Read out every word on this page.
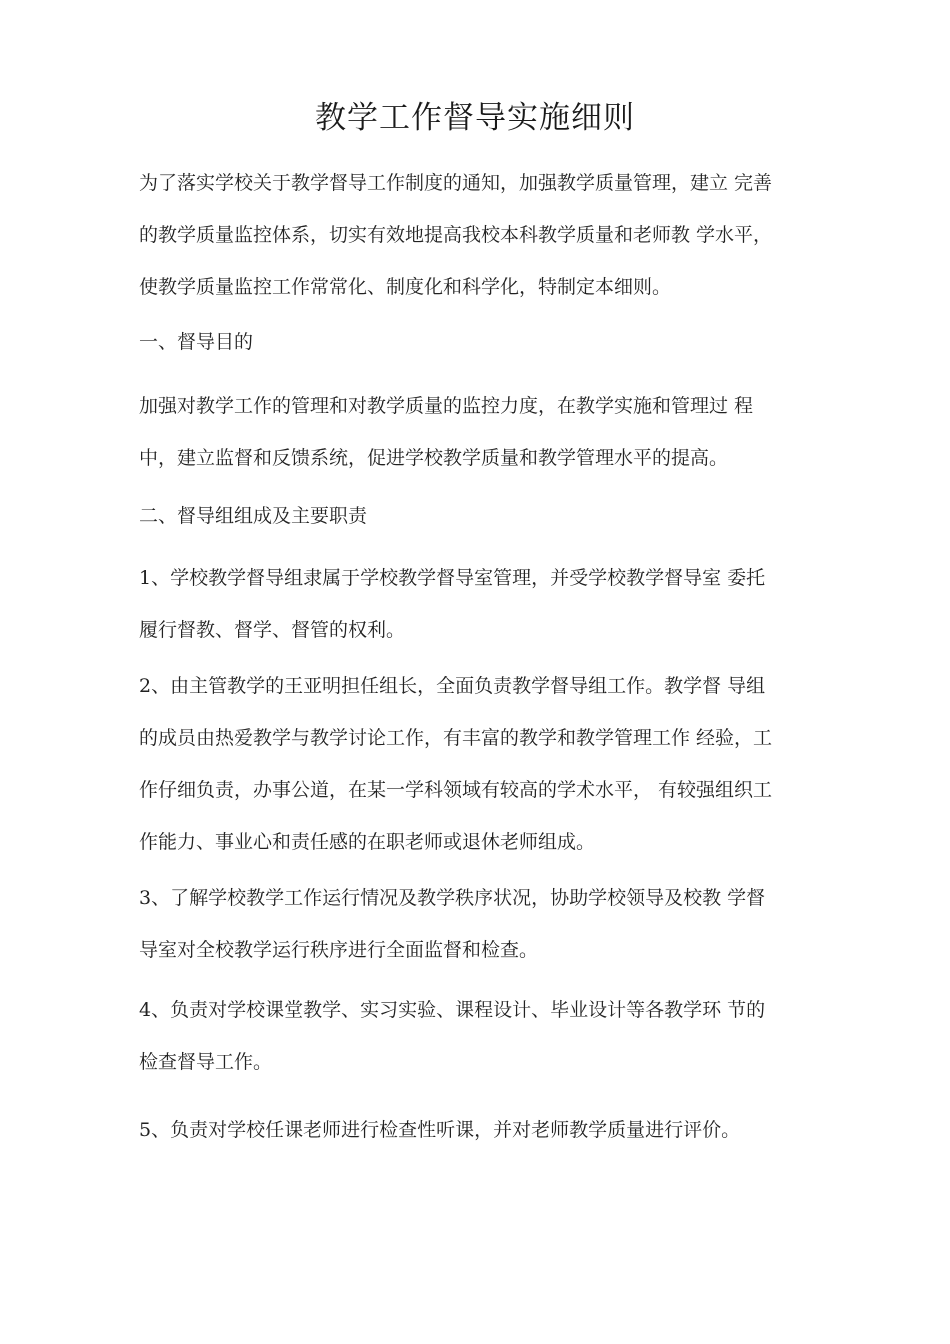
教学工作督导实施细则
为了落实学校关于教学督导工作制度的通知，加强教学质量管理，建立 完善
的教学质量监控体系，切实有效地提高我校本科教学质量和老师教 学水平，
使教学质量监控工作常常化、制度化和科学化，特制定本细则。
一、督导目的
加强对教学工作的管理和对教学质量的监控力度，在教学实施和管理过 程
中，建立监督和反馈系统，促进学校教学质量和教学管理水平的提高。
二、督导组组成及主要职责
1、学校教学督导组隶属于学校教学督导室管理，并受学校教学督导室 委托
履行督教、督学、督管的权利。
2、由主管教学的王亚明担任组长，全面负责教学督导组工作。教学督 导组
的成员由热爱教学与教学讨论工作，有丰富的教学和教学管理工作 经验，工
作仔细负责，办事公道，在某一学科领域有较高的学术水平， 有较强组织工
作能力、事业心和责任感的在职老师或退休老师组成。
3、了解学校教学工作运行情况及教学秩序状况，协助学校领导及校教 学督
导室对全校教学运行秩序进行全面监督和检查。
4、负责对学校课堂教学、实习实验、课程设计、毕业设计等各教学环 节的
检查督导工作。
5、负责对学校任课老师进行检查性听课，并对老师教学质量进行评价。
